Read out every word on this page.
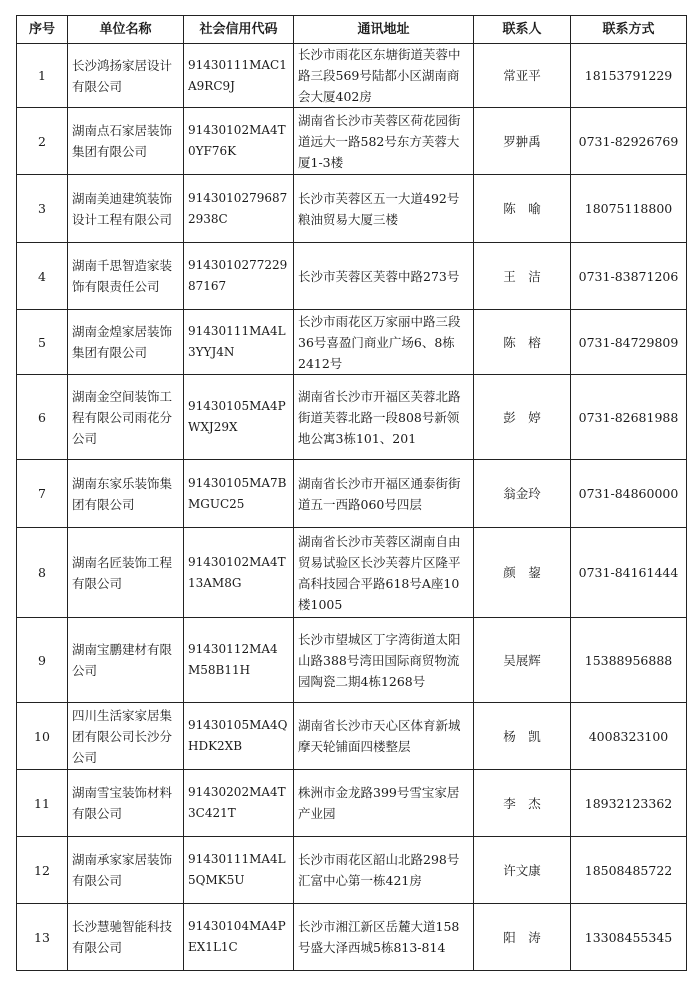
序号	单位名称	社会信用代码	通讯地址	联系人	联系方式
1	长沙鸿扬家居设计有限公司	91430111MAC1A9RC9J	长沙市雨花区东塘街道芙蓉中路三段569号陆都小区湖南商会大厦402房	常亚平	18153791229
2	湖南点石家居装饰集团有限公司	91430102MA4T0YF76K	湖南省长沙市芙蓉区荷花园街道远大一路582号东方芙蓉大厦1-3楼	罗翀禹	0731-82926769
3	湖南美迪建筑装饰设计工程有限公司	9143010279687 2938C	长沙市芙蓉区五一大道492号粮油贸易大厦三楼	陈　喻	18075118800
4	湖南千思智造家装饰有限责任公司	914301027722987167	长沙市芙蓉区芙蓉中路273号	王　洁	0731-83871206
5	湖南金煌家居装饰集团有限公司	91430111MA4L3YYJ4N	长沙市雨花区万家丽中路三段36号喜盈门商业广场6、8栋2412号	陈　榕	0731-84729809
6	湖南金空间装饰工程有限公司雨花分公司	91430105MA4PWXJ29X	湖南省长沙市开福区芙蓉北路街道芙蓉北路一段808号新领地公寓3栋101、201	彭　婷	0731-82681988
7	湖南东家乐装饰集团有限公司	91430105MA7BMGUC25	湖南省长沙市开福区通泰街街道五一西路060号四层	翁金玲	0731-84860000
8	湖南名匠装饰工程有限公司	91430102MA4T13AM8G	湖南省长沙市芙蓉区湖南自由贸易试验区长沙芙蓉片区隆平高科技园合平路618号A座10楼1005	颜　鋆	0731-84161444
9	湖南宝鹏建材有限公司	91430112MA4M58B11H	长沙市望城区丁字湾街道太阳山路388号湾田国际商贸物流园陶瓷二期4栋1268号	吴展辉	15388956888
10	四川生活家家居集团有限公司长沙分公司	91430105MA4QHDK2XB	湖南省长沙市天心区体育新城摩天轮铺面四楼整层	杨　凯	4008323100
11	湖南雪宝装饰材料有限公司	91430202MA4T3C421T	株洲市金龙路399号雪宝家居产业园	李　杰	18932123362
12	湖南承家家居装饰有限公司	91430111MA4L5QMK5U	长沙市雨花区韶山北路298号汇富中心第一栋421房	许文康	18508485722
13	长沙慧驰智能科技有限公司	91430104MA4PEX1L1C	长沙市湘江新区岳麓大道158号盛大泽西城5栋813-814	阳　涛	13308455345
